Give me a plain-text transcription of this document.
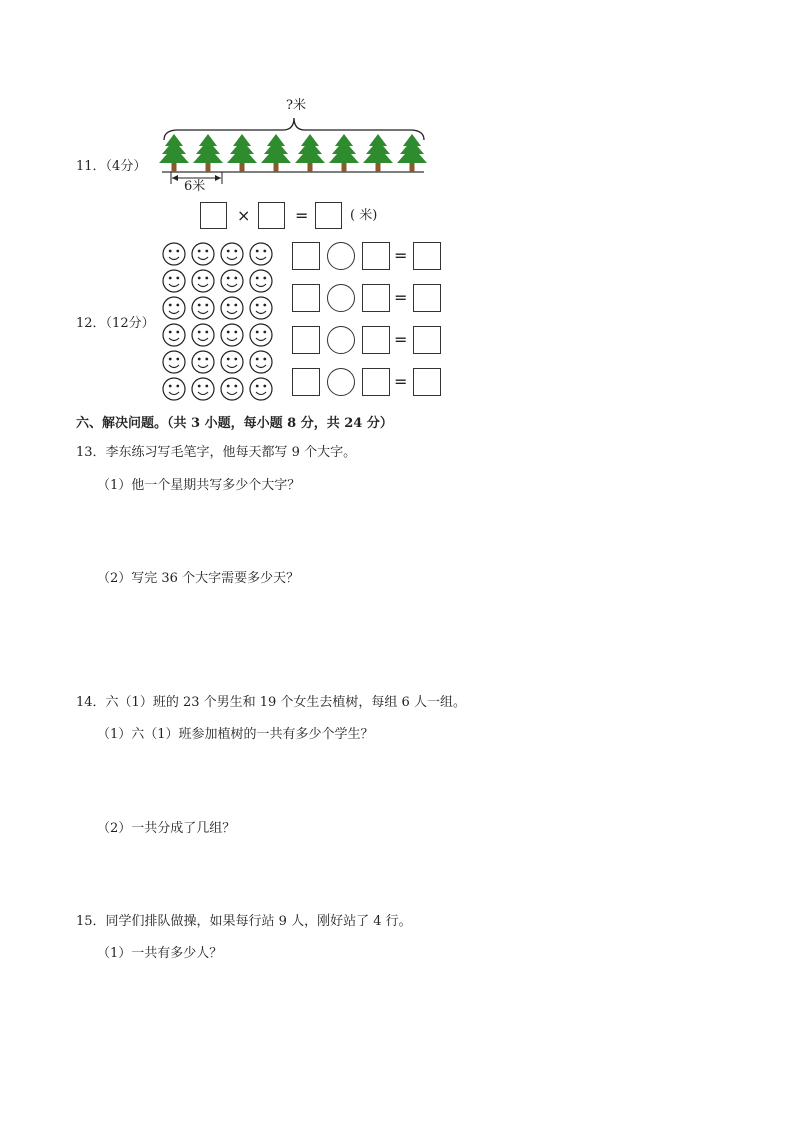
11．（4分）
?米
6米
×	=	( 米)
12．（12分）
=
=
=
=
六、解决问题。（共 3 小题，每小题 8 分，共 24 分）
13．李东练习写毛笔字，他每天都写 9 个大字。
（1）他一个星期共写多少个大字？
（2）写完 36 个大字需要多少天？
14．六（1）班的 23 个男生和 19 个女生去植树，每组 6 人一组。
（1）六（1）班参加植树的一共有多少个学生？
（2）一共分成了几组？
15．同学们排队做操，如果每行站 9 人，刚好站了 4 行。
（1）一共有多少人？
